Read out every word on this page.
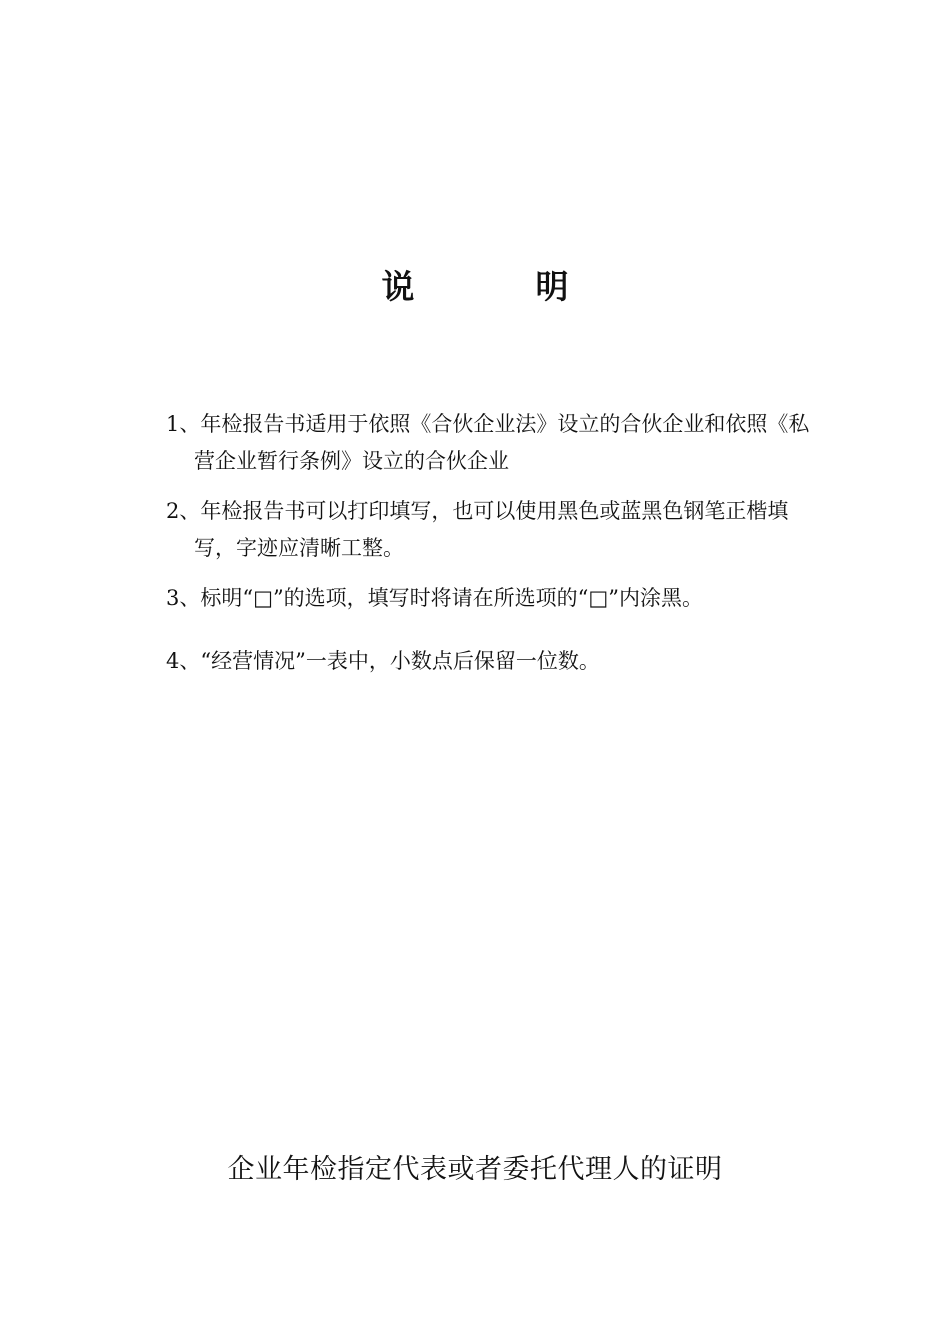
说　明
1、年检报告书适用于依照《合伙企业法》设立的合伙企业和依照《私营企业暂行条例》设立的合伙企业
2、年检报告书可以打印填写，也可以使用黑色或蓝黑色钢笔正楷填写，字迹应清晰工整。
3、标明“□”的选项，填写时将请在所选项的“□”内涂黑。
4、“经营情况”一表中，小数点后保留一位数。
企业年检指定代表或者委托代理人的证明
